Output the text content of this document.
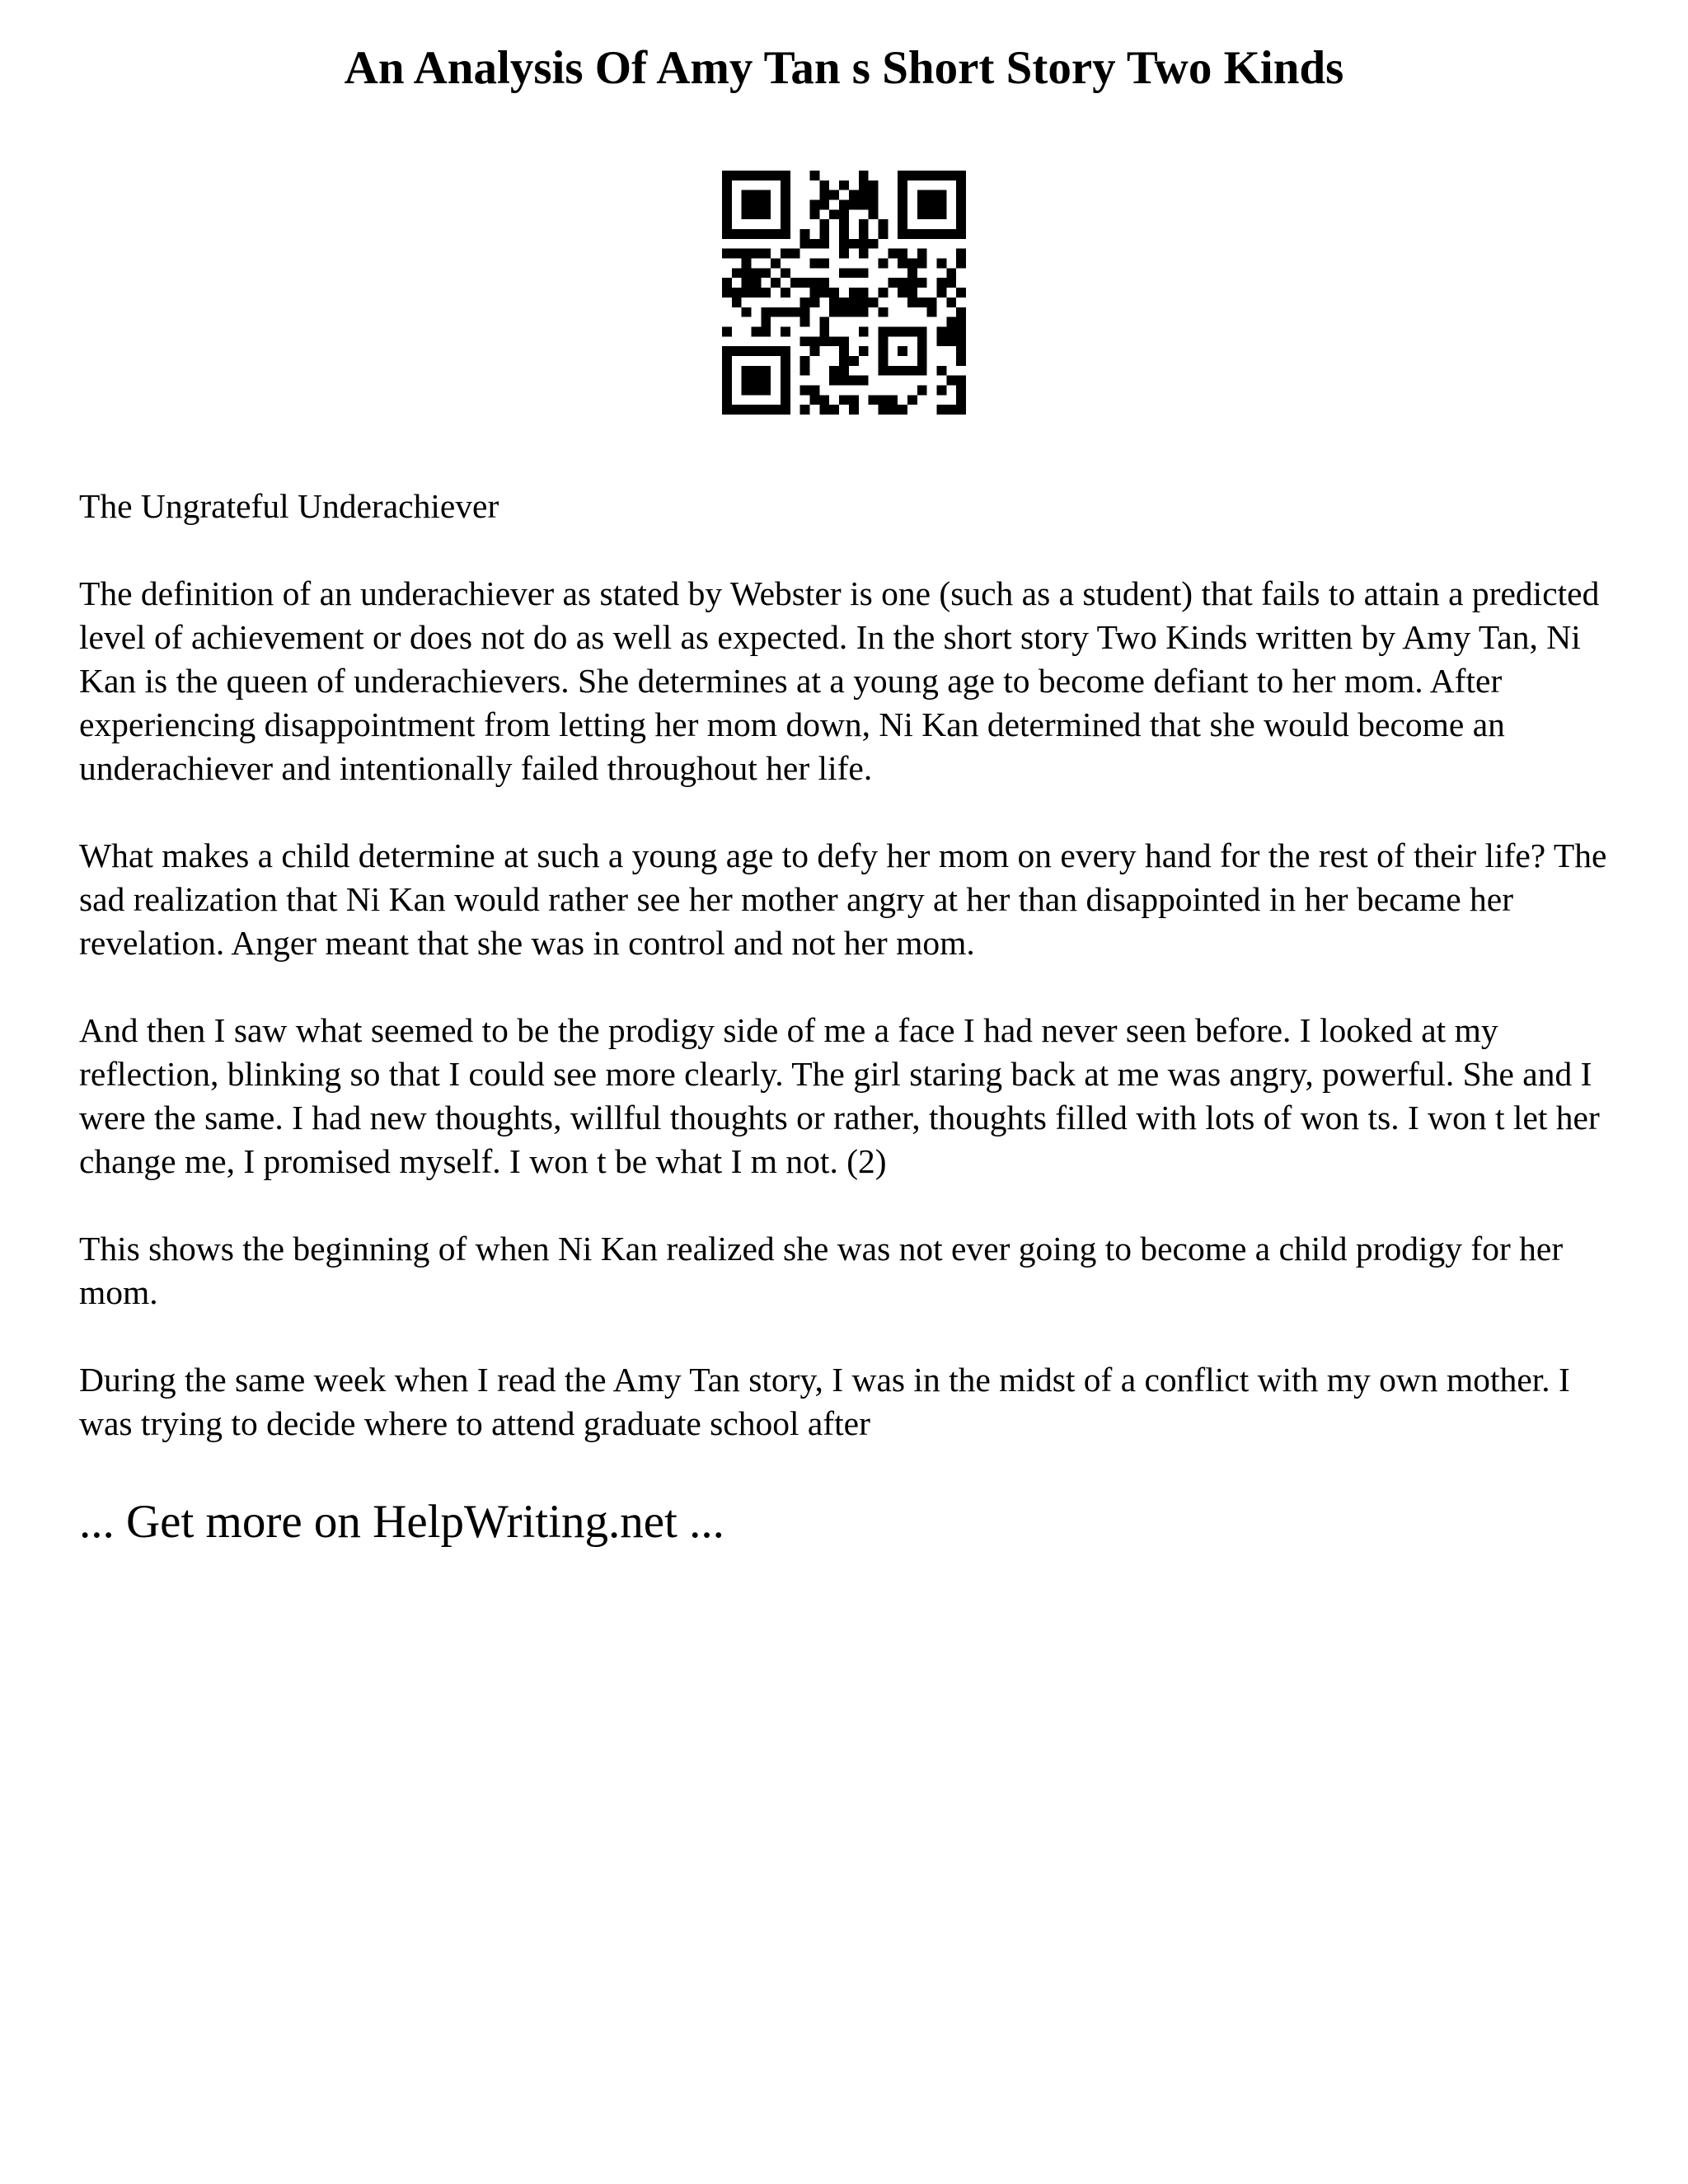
An Analysis Of Amy Tan s Short Story Two Kinds

The Ungrateful Underachiever

The definition of an underachiever as stated by Webster is one (such as a student) that fails to attain a predicted level of achievement or does not do as well as expected. In the short story Two Kinds written by Amy Tan, Ni Kan is the queen of underachievers. She determines at a young age to become defiant to her mom. After experiencing disappointment from letting her mom down, Ni Kan determined that she would become an underachiever and intentionally failed throughout her life.

What makes a child determine at such a young age to defy her mom on every hand for the rest of their life? The sad realization that Ni Kan would rather see her mother angry at her than disappointed in her became her revelation. Anger meant that she was in control and not her mom.

And then I saw what seemed to be the prodigy side of me a face I had never seen before. I looked at my reflection, blinking so that I could see more clearly. The girl staring back at me was angry, powerful. She and I were the same. I had new thoughts, willful thoughts or rather, thoughts filled with lots of won ts. I won t let her change me, I promised myself. I won t be what I m not. (2)

This shows the beginning of when Ni Kan realized she was not ever going to become a child prodigy for her mom.

During the same week when I read the Amy Tan story, I was in the midst of a conflict with my own mother. I was trying to decide where to attend graduate school after

... Get more on HelpWriting.net ...
